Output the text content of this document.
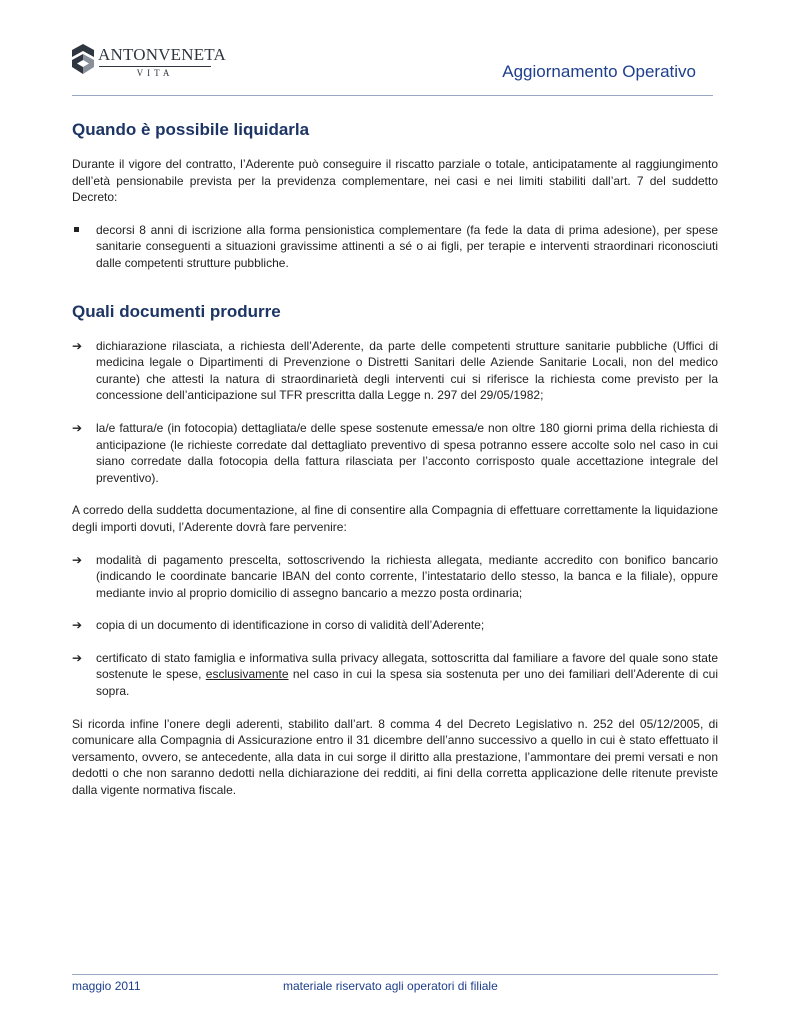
ANTONVENETA
VITA	Aggiornamento Operativo
Quando è possibile liquidarla

Durante il vigore del contratto, l’Aderente può conseguire il riscatto parziale o totale, anticipatamente al raggiungimento dell’età pensionabile prevista per la previdenza complementare, nei casi e nei limiti stabiliti dall’art. 7 del suddetto Decreto:

decorsi 8 anni di iscrizione alla forma pensionistica complementare (fa fede la data di prima adesione), per spese sanitarie conseguenti a situazioni gravissime attinenti a sé o ai figli, per terapie e interventi straordinari riconosciuti dalle competenti strutture pubbliche.
Quali documenti produrre
➔ dichiarazione rilasciata, a richiesta dell’Aderente, da parte delle competenti strutture sanitarie pubbliche (Uffici di medicina legale o Dipartimenti di Prevenzione o Distretti Sanitari delle Aziende Sanitarie Locali, non del medico curante) che attesti la natura di straordinarietà degli interventi cui si riferisce la richiesta come previsto per la concessione dell’anticipazione sul TFR prescritta dalla Legge n. 297 del 29/05/1982;
➔ la/e fattura/e (in fotocopia) dettagliata/e delle spese sostenute emessa/e non oltre 180 giorni prima della richiesta di anticipazione (le richieste corredate dal dettagliato preventivo di spesa potranno essere accolte solo nel caso in cui siano corredate dalla fotocopia della fattura rilasciata per l’acconto corrisposto quale accettazione integrale del preventivo).

A corredo della suddetta documentazione, al fine di consentire alla Compagnia di effettuare correttamente la liquidazione degli importi dovuti, l’Aderente dovrà fare pervenire:

➔ modalità di pagamento prescelta, sottoscrivendo la richiesta allegata, mediante accredito con bonifico bancario (indicando le coordinate bancarie IBAN del conto corrente, l’intestatario dello stesso, la banca e la filiale), oppure mediante invio al proprio domicilio di assegno bancario a mezzo posta ordinaria;
➔ copia di un documento di identificazione in corso di validità dell’Aderente;
➔ certificato di stato famiglia e informativa sulla privacy allegata, sottoscritta dal familiare a favore del quale sono state sostenute le spese, esclusivamente nel caso in cui la spesa sia sostenuta per uno dei familiari dell’Aderente di cui sopra.

Si ricorda infine l’onere degli aderenti, stabilito dall’art. 8 comma 4 del Decreto Legislativo n. 252 del 05/12/2005, di comunicare alla Compagnia di Assicurazione entro il 31 dicembre dell’anno successivo a quello in cui è stato effettuato il versamento, ovvero, se antecedente, alla data in cui sorge il diritto alla prestazione, l’ammontare dei premi versati e non dedotti o che non saranno dedotti nella dichiarazione dei redditi, ai fini della corretta applicazione delle ritenute previste dalla vigente normativa fiscale.

maggio 2011	materiale riservato agli operatori di filiale
